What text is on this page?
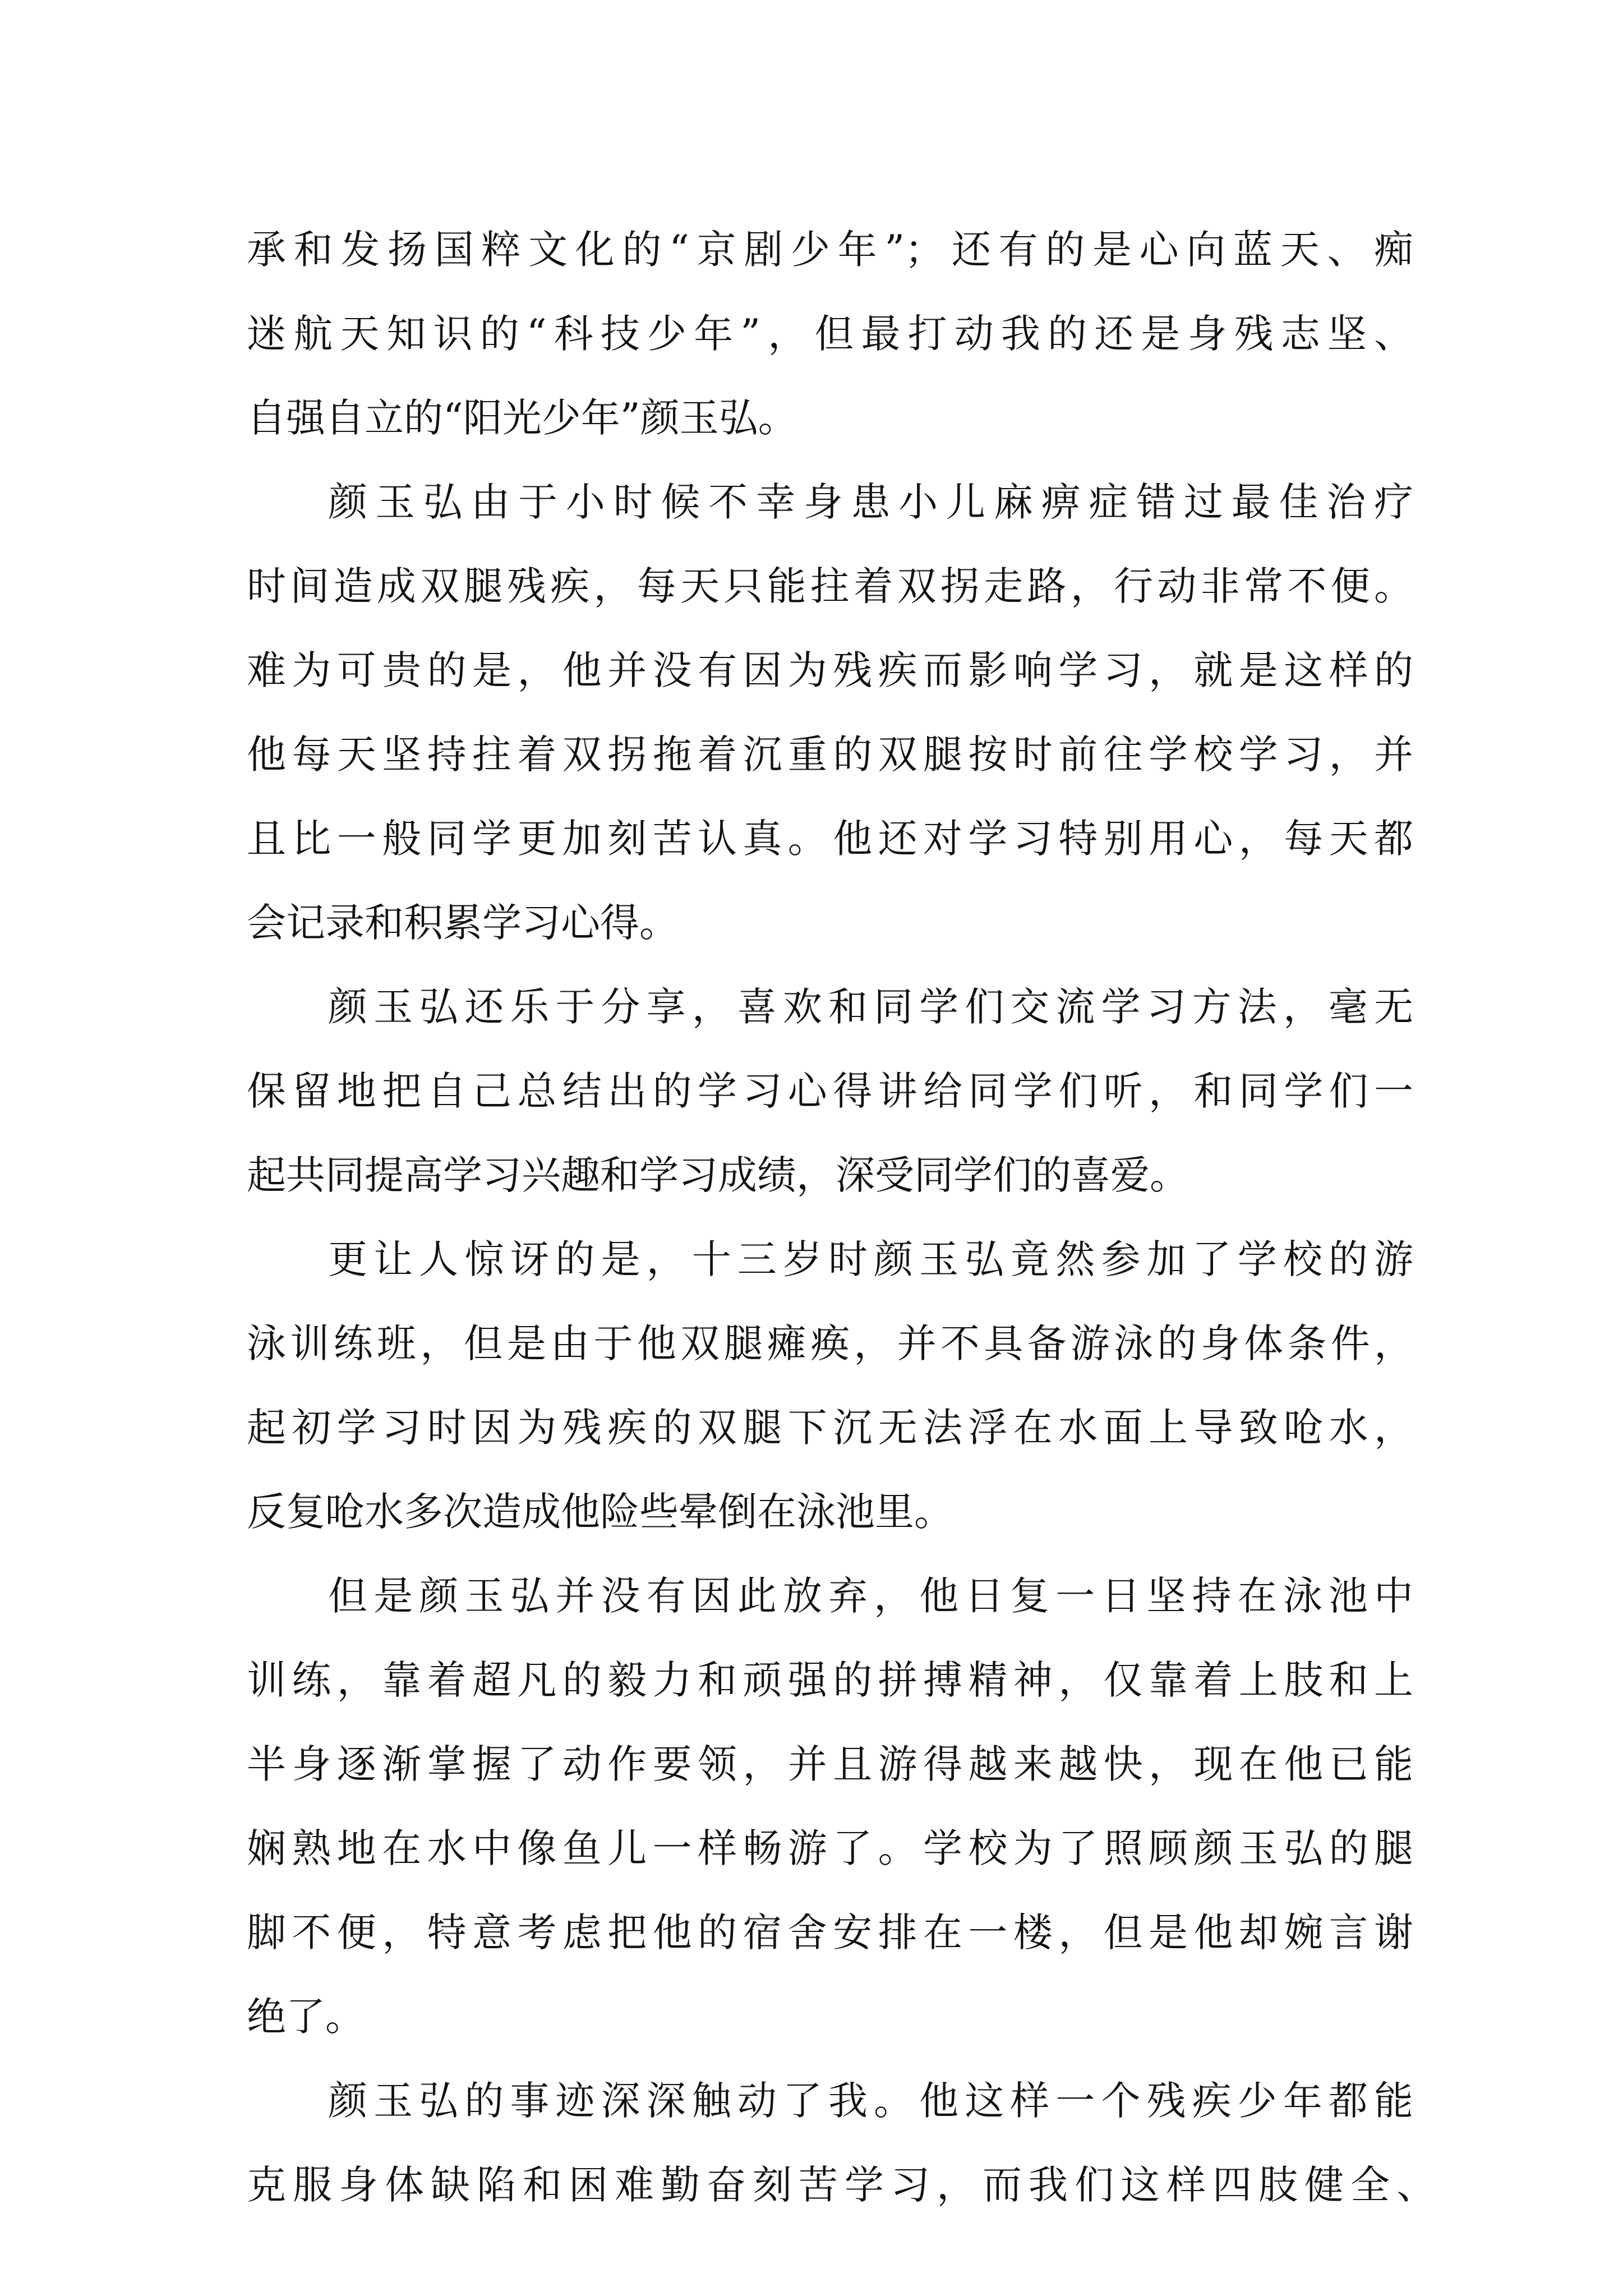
承和发扬国粹文化的“京剧少年”；还有的是心向蓝天、痴
迷航天知识的“科技少年”，但最打动我的还是身残志坚、
自强自立的“阳光少年”颜玉弘。
颜玉弘由于小时候不幸身患小儿麻痹症错过最佳治疗
时间造成双腿残疾，每天只能拄着双拐走路，行动非常不便。
难为可贵的是，他并没有因为残疾而影响学习，就是这样的
他每天坚持拄着双拐拖着沉重的双腿按时前往学校学习，并
且比一般同学更加刻苦认真。他还对学习特别用心，每天都
会记录和积累学习心得。
颜玉弘还乐于分享，喜欢和同学们交流学习方法，毫无
保留地把自己总结出的学习心得讲给同学们听，和同学们一
起共同提高学习兴趣和学习成绩，深受同学们的喜爱。
更让人惊讶的是，十三岁时颜玉弘竟然参加了学校的游
泳训练班，但是由于他双腿瘫痪，并不具备游泳的身体条件，
起初学习时因为残疾的双腿下沉无法浮在水面上导致呛水，
反复呛水多次造成他险些晕倒在泳池里。
但是颜玉弘并没有因此放弃，他日复一日坚持在泳池中
训练，靠着超凡的毅力和顽强的拼搏精神，仅靠着上肢和上
半身逐渐掌握了动作要领，并且游得越来越快，现在他已能
娴熟地在水中像鱼儿一样畅游了。学校为了照顾颜玉弘的腿
脚不便，特意考虑把他的宿舍安排在一楼，但是他却婉言谢
绝了。
颜玉弘的事迹深深触动了我。他这样一个残疾少年都能
克服身体缺陷和困难勤奋刻苦学习，而我们这样四肢健全、
